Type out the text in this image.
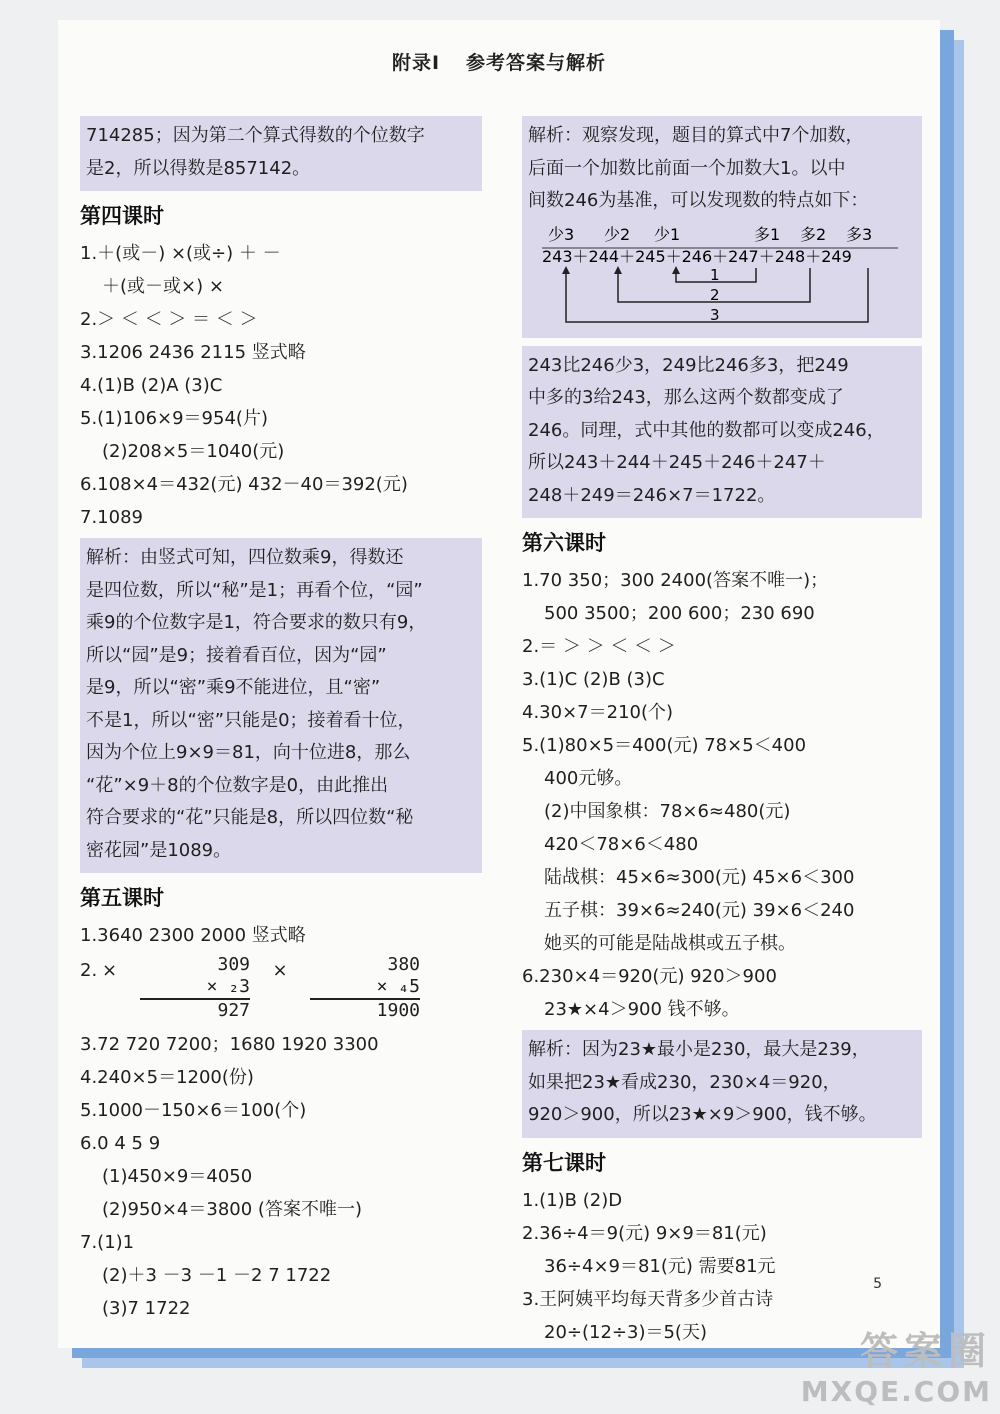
附录Ⅰ 参考答案与解析
714285；因为第二个算式得数的个位数字
是2，所以得数是857142。
第四课时
1.＋(或－) ×(或÷) ＋ －
＋(或－或×) ×
2.＞ ＜ ＜ ＞ ＝ ＜ ＞
3.1206 2436 2115 竖式略
4.(1)B (2)A (3)C
5.(1)106×9＝954(片)
(2)208×5＝1040(元)
6.108×4＝432(元) 432－40＝392(元)
7.1089
解析：由竖式可知，四位数乘9，得数还
是四位数，所以“秘”是1；再看个位，“园”
乘9的个位数字是1，符合要求的数只有9，
所以“园”是9；接着看百位，因为“园”
是9，所以“密”乘9不能进位，且“密”
不是1，所以“密”只能是0；接着看十位，
因为个位上9×9＝81，向十位进8，那么
“花”×9＋8的个位数字是0，由此推出
符合要求的“花”只能是8，所以四位数“秘
密花园”是1089。
第五课时
1.3640 2300 2000 竖式略
2. ×	309
× ₂3
927
×	380
× ₄5
1900
3.72 720 7200；1680 1920 3300
4.240×5＝1200(份)
5.1000－150×6＝100(个)
6.0 4 5 9
(1)450×9＝4050
(2)950×4＝3800 (答案不唯一)
7.(1)1
(2)＋3 －3 －1 －2 7 1722
(3)7 1722
解析：观察发现，题目的算式中7个加数，
后面一个加数比前面一个加数大1。以中
间数246为基准，可以发现数的特点如下：
少3 少2 少1	多1 多2 多3
243＋244＋245＋246＋247＋248＋249
1
2
3
243比246少3，249比246多3，把249
中多的3给243，那么这两个数都变成了
246。同理，式中其他的数都可以变成246，
所以243＋244＋245＋246＋247＋
248＋249＝246×7＝1722。
第六课时
1.70 350；300 2400(答案不唯一)；
500 3500；200 600；230 690
2.＝ ＞ ＞ ＜ ＜ ＞
3.(1)C (2)B (3)C
4.30×7＝210(个)
5.(1)80×5＝400(元) 78×5＜400
400元够。
(2)中国象棋：78×6≈480(元)
420＜78×6＜480
陆战棋：45×6≈300(元) 45×6＜300
五子棋：39×6≈240(元) 39×6＜240
她买的可能是陆战棋或五子棋。
6.230×4＝920(元) 920＞900
23★×4＞900 钱不够。
解析：因为23★最小是230，最大是239，
如果把23★看成230，230×4＝920，
920＞900，所以23★×9＞900，钱不够。
第七课时
1.(1)B (2)D
2.36÷4＝9(元) 9×9＝81(元)
36÷4×9＝81(元) 需要81元
3.王阿姨平均每天背多少首古诗
20÷(12÷3)＝5(天)
5
答案圈
MXQE.COM
